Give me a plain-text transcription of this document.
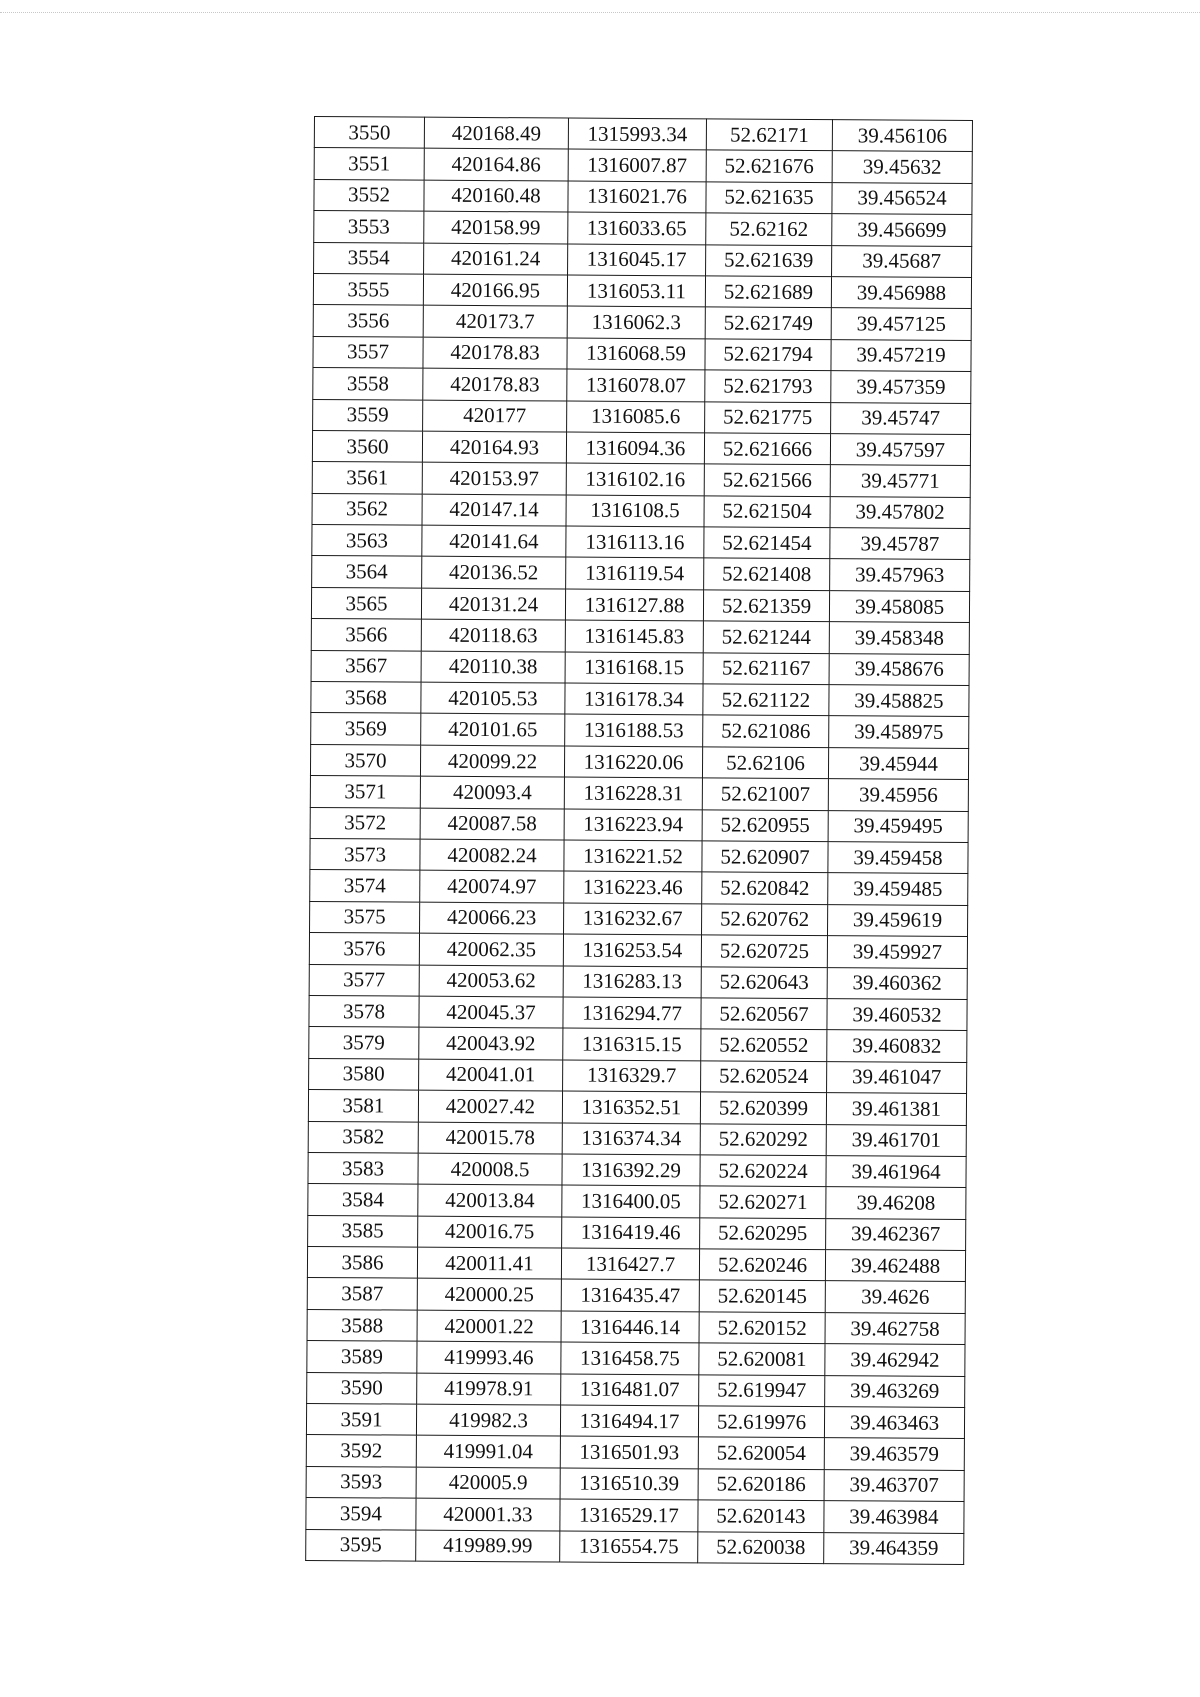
3550	420168.49	1315993.34	52.62171	39.456106
3551	420164.86	1316007.87	52.621676	39.45632
3552	420160.48	1316021.76	52.621635	39.456524
3553	420158.99	1316033.65	52.62162	39.456699
3554	420161.24	1316045.17	52.621639	39.45687
3555	420166.95	1316053.11	52.621689	39.456988
3556	420173.7	1316062.3	52.621749	39.457125
3557	420178.83	1316068.59	52.621794	39.457219
3558	420178.83	1316078.07	52.621793	39.457359
3559	420177	1316085.6	52.621775	39.45747
3560	420164.93	1316094.36	52.621666	39.457597
3561	420153.97	1316102.16	52.621566	39.45771
3562	420147.14	1316108.5	52.621504	39.457802
3563	420141.64	1316113.16	52.621454	39.45787
3564	420136.52	1316119.54	52.621408	39.457963
3565	420131.24	1316127.88	52.621359	39.458085
3566	420118.63	1316145.83	52.621244	39.458348
3567	420110.38	1316168.15	52.621167	39.458676
3568	420105.53	1316178.34	52.621122	39.458825
3569	420101.65	1316188.53	52.621086	39.458975
3570	420099.22	1316220.06	52.62106	39.45944
3571	420093.4	1316228.31	52.621007	39.45956
3572	420087.58	1316223.94	52.620955	39.459495
3573	420082.24	1316221.52	52.620907	39.459458
3574	420074.97	1316223.46	52.620842	39.459485
3575	420066.23	1316232.67	52.620762	39.459619
3576	420062.35	1316253.54	52.620725	39.459927
3577	420053.62	1316283.13	52.620643	39.460362
3578	420045.37	1316294.77	52.620567	39.460532
3579	420043.92	1316315.15	52.620552	39.460832
3580	420041.01	1316329.7	52.620524	39.461047
3581	420027.42	1316352.51	52.620399	39.461381
3582	420015.78	1316374.34	52.620292	39.461701
3583	420008.5	1316392.29	52.620224	39.461964
3584	420013.84	1316400.05	52.620271	39.46208
3585	420016.75	1316419.46	52.620295	39.462367
3586	420011.41	1316427.7	52.620246	39.462488
3587	420000.25	1316435.47	52.620145	39.4626
3588	420001.22	1316446.14	52.620152	39.462758
3589	419993.46	1316458.75	52.620081	39.462942
3590	419978.91	1316481.07	52.619947	39.463269
3591	419982.3	1316494.17	52.619976	39.463463
3592	419991.04	1316501.93	52.620054	39.463579
3593	420005.9	1316510.39	52.620186	39.463707
3594	420001.33	1316529.17	52.620143	39.463984
3595	419989.99	1316554.75	52.620038	39.464359
